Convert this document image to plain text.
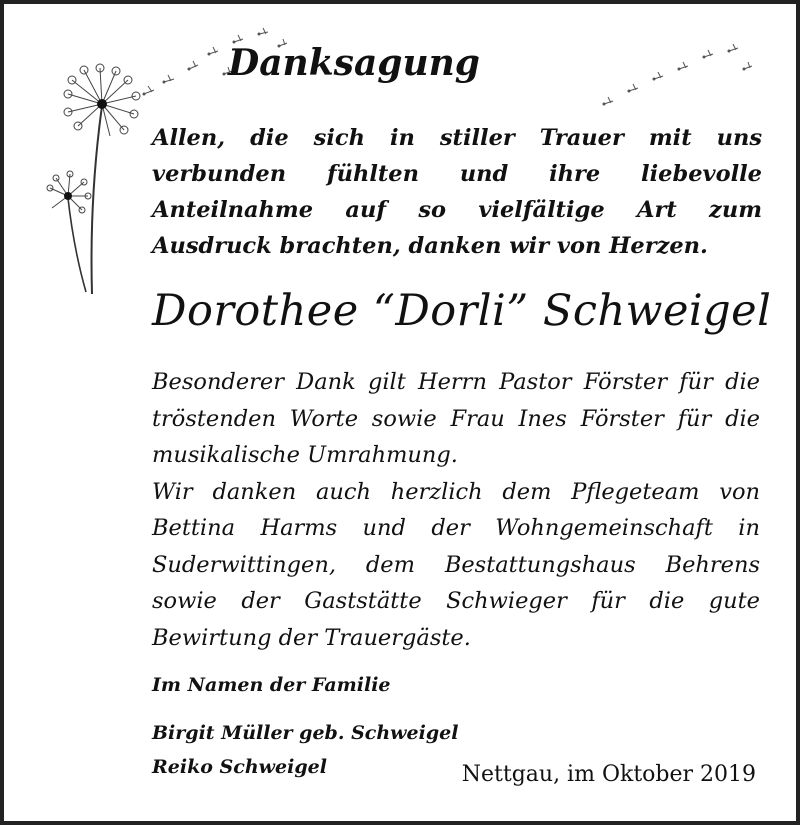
Danksagung
Allen, die sich in stiller Trauer mit uns verbunden fühlten und ihre liebevolle Anteilnahme auf so vielfältige Art zum Ausdruck brachten, danken wir von Herzen.
Dorothee “Dorli” Schweigel

Besonderer Dank gilt Herrn Pastor Förster für die tröstenden Worte sowie Frau Ines Förster für die musikalische Umrahmung.

Wir danken auch herzlich dem Pflegeteam von Bettina Harms und der Wohngemeinschaft in Suderwittingen, dem Bestattungshaus Behrens sowie der Gaststätte Schwieger für die gute Bewirtung der Trauergäste.

Im Namen der Familie
Birgit Müller geb. Schweigel
Reiko Schweigel	Nettgau, im Oktober 2019
